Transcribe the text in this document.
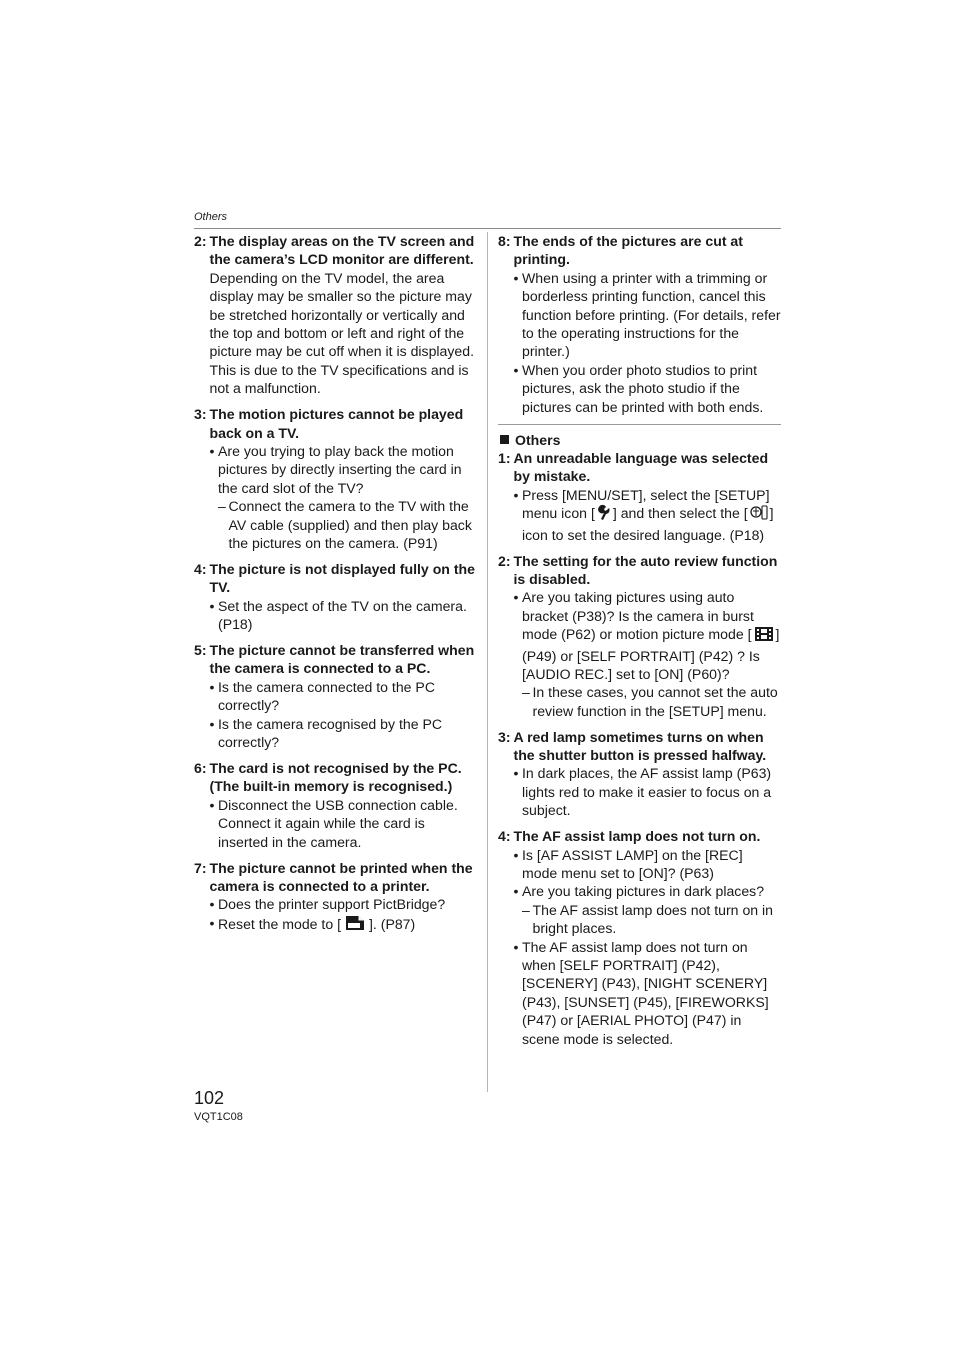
Others
2: The display areas on the TV screen and the camera’s LCD monitor are different.
Depending on the TV model, the area display may be smaller so the picture may be stretched horizontally or vertically and the top and bottom or left and right of the picture may be cut off when it is displayed. This is due to the TV specifications and is not a malfunction.
3: The motion pictures cannot be played back on a TV.
• Are you trying to play back the motion pictures by directly inserting the card in the card slot of the TV?
– Connect the camera to the TV with the AV cable (supplied) and then play back the pictures on the camera. (P91)
4: The picture is not displayed fully on the TV.
• Set the aspect of the TV on the camera. (P18)
5: The picture cannot be transferred when the camera is connected to a PC.
• Is the camera connected to the PC correctly?
• Is the camera recognised by the PC correctly?
6: The card is not recognised by the PC. (The built-in memory is recognised.)
• Disconnect the USB connection cable. Connect it again while the card is inserted in the camera.
7: The picture cannot be printed when the camera is connected to a printer.
• Does the printer support PictBridge?
• Reset the mode to [ ]. (P87)
8: The ends of the pictures are cut at printing.
• When using a printer with a trimming or borderless printing function, cancel this function before printing. (For details, refer to the operating instructions for the printer.)
• When you order photo studios to print pictures, ask the photo studio if the pictures can be printed with both ends.
Others
1: An unreadable language was selected by mistake.
• Press [MENU/SET], select the [SETUP] menu icon [ ] and then select the [ ] icon to set the desired language. (P18)
2: The setting for the auto review function is disabled.
• Are you taking pictures using auto bracket (P38)? Is the camera in burst mode (P62) or motion picture mode [ ] (P49) or [SELF PORTRAIT] (P42) ? Is [AUDIO REC.] set to [ON] (P60)?
– In these cases, you cannot set the auto review function in the [SETUP] menu.
3: A red lamp sometimes turns on when the shutter button is pressed halfway.
• In dark places, the AF assist lamp (P63) lights red to make it easier to focus on a subject.
4: The AF assist lamp does not turn on.
• Is [AF ASSIST LAMP] on the [REC] mode menu set to [ON]? (P63)
• Are you taking pictures in dark places?
– The AF assist lamp does not turn on in bright places.
• The AF assist lamp does not turn on when [SELF PORTRAIT] (P42), [SCENERY] (P43), [NIGHT SCENERY] (P43), [SUNSET] (P45), [FIREWORKS] (P47) or [AERIAL PHOTO] (P47) in scene mode is selected.
102
VQT1C08
